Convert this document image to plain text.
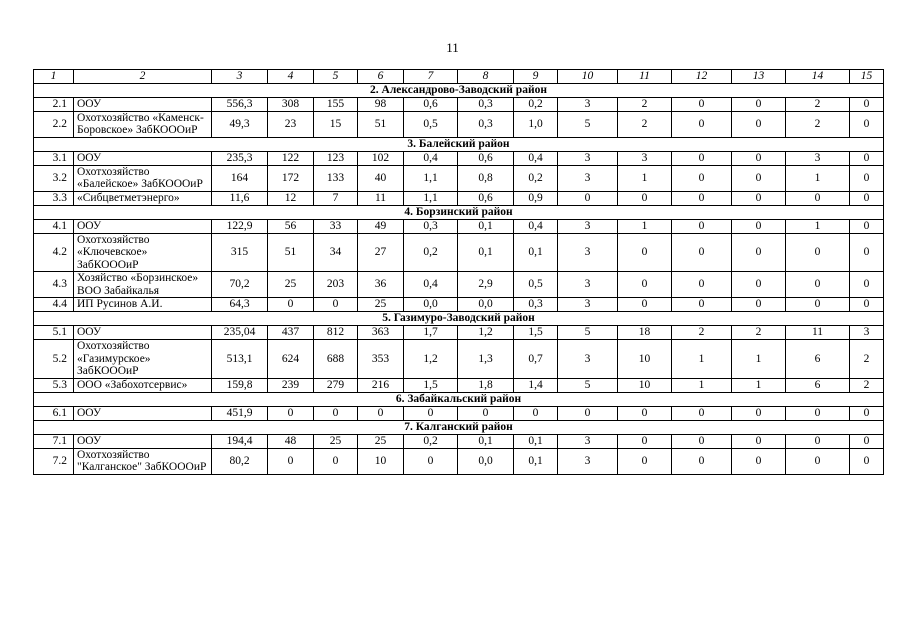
11
1	2	3	4	5	6	7	8	9	10	11	12	13	14	15
2. Александрово-Заводский район														
2.1	ООУ	556,3	308	155	98	0,6	0,3	0,2	3	2	0	0	2	0
2.2	Охотхозяйство «Каменск-Боровское» ЗабКОООиР	49,3	23	15	51	0,5	0,3	1,0	5	2	0	0	2	0
3. Балейский район														
3.1	ООУ	235,3	122	123	102	0,4	0,6	0,4	3	3	0	0	3	0
3.2	Охотхозяйство «Балейское» ЗабКОООиР	164	172	133	40	1,1	0,8	0,2	3	1	0	0	1	0
3.3	«Сибцветметэнерго»	11,6	12	7	11	1,1	0,6	0,9	0	0	0	0	0	0
4. Борзинский район														
4.1	ООУ	122,9	56	33	49	0,3	0,1	0,4	3	1	0	0	1	0
4.2	Охотхозяйство «Ключевское» ЗабКОООиР	315	51	34	27	0,2	0,1	0,1	3	0	0	0	0	0
4.3	Хозяйство «Борзинское» ВОО Забайкалья	70,2	25	203	36	0,4	2,9	0,5	3	0	0	0	0	0
4.4	ИП Русинов А.И.	64,3	0	0	25	0,0	0,0	0,3	3	0	0	0	0	0
5. Газимуро-Заводский район														
5.1	ООУ	235,04	437	812	363	1,7	1,2	1,5	5	18	2	2	11	3
5.2	Охотхозяйство «Газимурское» ЗабКОООиР	513,1	624	688	353	1,2	1,3	0,7	3	10	1	1	6	2
5.3	ООО «Забохотсервис»	159,8	239	279	216	1,5	1,8	1,4	5	10	1	1	6	2
6. Забайкальский район														
6.1	ООУ	451,9	0	0	0	0	0	0	0	0	0	0	0	0
7. Калганский район														
7.1	ООУ	194,4	48	25	25	0,2	0,1	0,1	3	0	0	0	0	0
7.2	Охотхозяйство "Калганское" ЗабКОООиР	80,2	0	0	10	0	0,0	0,1	3	0	0	0	0	0
